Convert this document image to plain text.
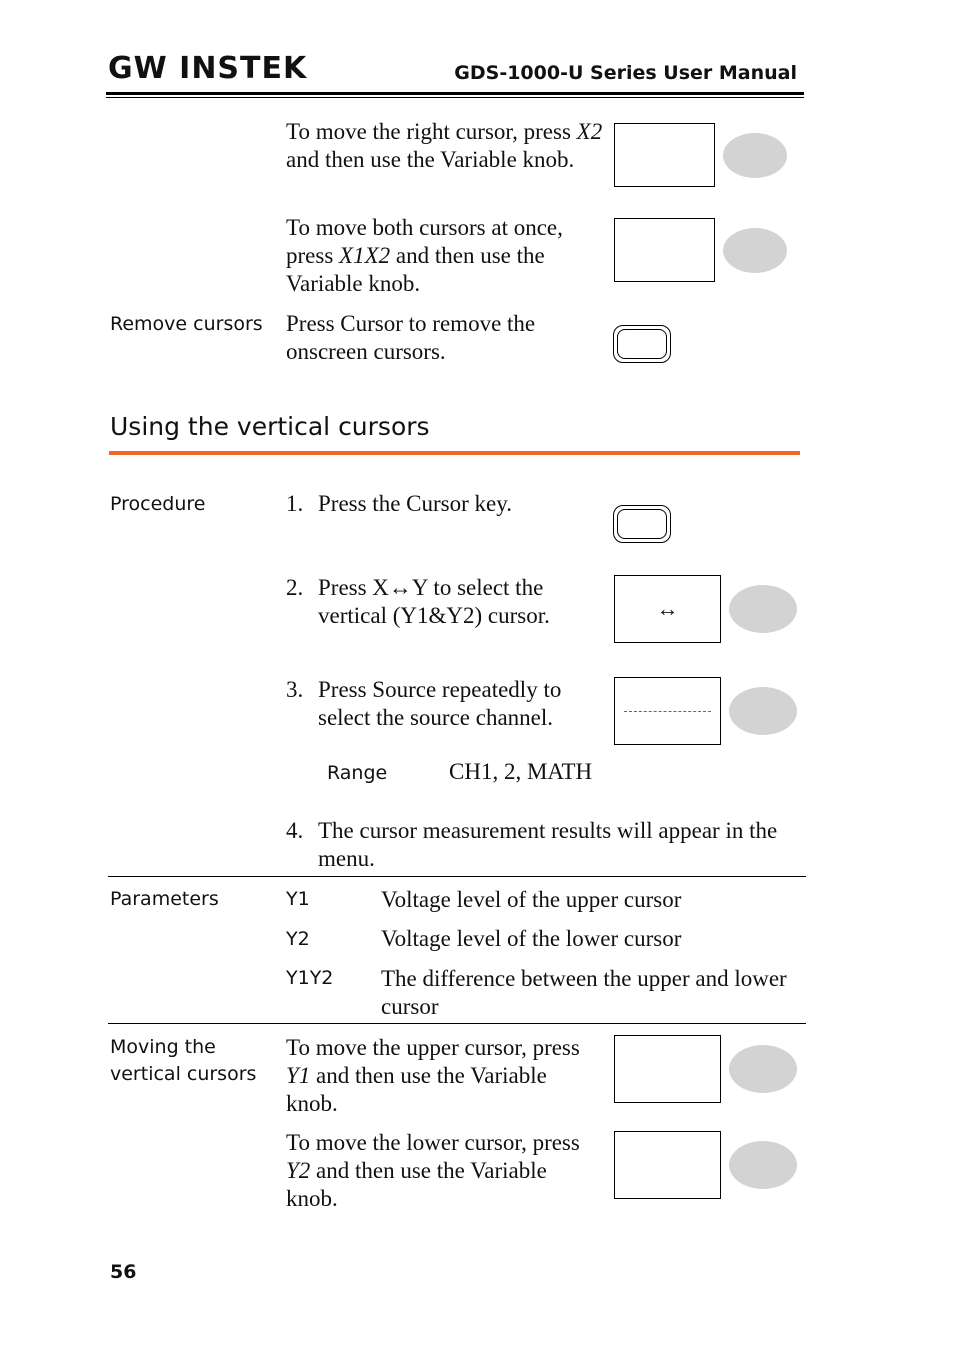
GW INSTEK	GDS-1000-U Series User Manual
To move the right cursor, press X2 and then use the Variable knob.
To move both cursors at once, press X1X2 and then use the Variable knob.
Remove cursors Press Cursor to remove the onscreen cursors.
Using the vertical cursors
Procedure	1. Press the Cursor key.
2. Press X↔Y to select the vertical (Y1&Y2) cursor.	↔
3. Press Source repeatedly to select the source channel.
Range	CH1, 2, MATH
4. The cursor measurement results will appear in the menu.
Parameters	Y1	Voltage level of the upper cursor
Y2	Voltage level of the lower cursor
Y1Y2 The difference between the upper and lower cursor
Moving the vertical cursors
To move the upper cursor, press Y1 and then use the Variable knob.
To move the lower cursor, press Y2 and then use the Variable knob.
56
